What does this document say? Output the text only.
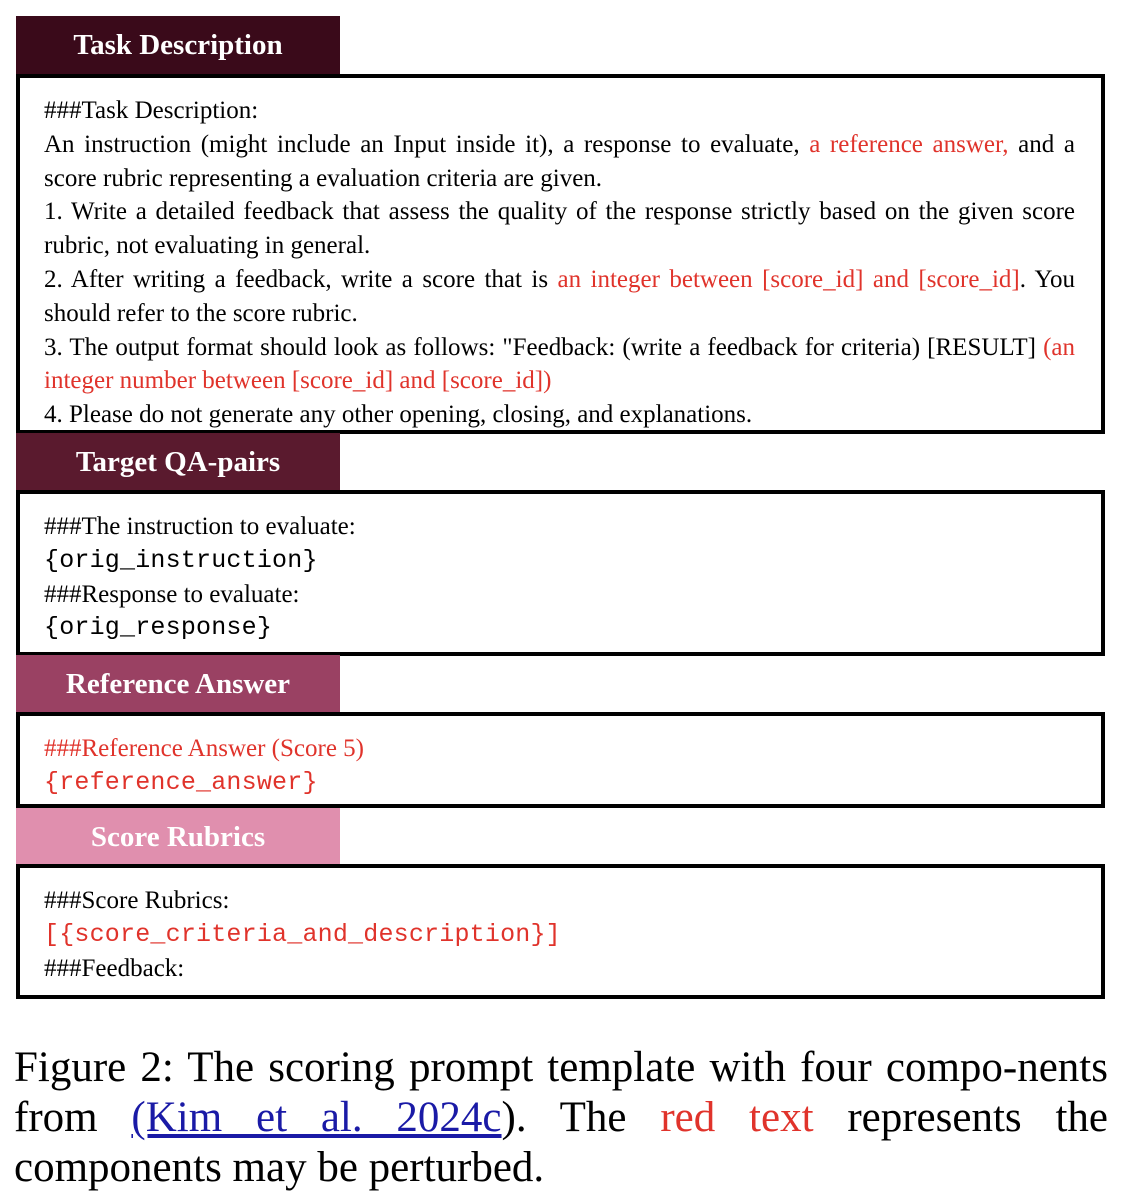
Task Description

###Task Description:

An instruction (might include an Input inside it), a response to evaluate, a reference answer, and a score rubric representing a evaluation criteria are given.

1. Write a detailed feedback that assess the quality of the response strictly based on the given score rubric, not evaluating in general.

2. After writing a feedback, write a score that is an integer between [score_id] and [score_id]. You should refer to the score rubric.

3. The output format should look as follows: "Feedback: (write a feedback for criteria) [RESULT] (an integer number between [score_id] and [score_id])

4. Please do not generate any other opening, closing, and explanations.

Target QA-pairs

###The instruction to evaluate:

{orig_instruction}

###Response to evaluate:

{orig_response}

Reference Answer

###Reference Answer (Score 5)

{reference_answer}

Score Rubrics

###Score Rubrics:

[{score_criteria_and_description}]

###Feedback:

Figure 2: The scoring prompt template with four compo-nents from (Kim et al. 2024c). The red text represents the components may be perturbed.
